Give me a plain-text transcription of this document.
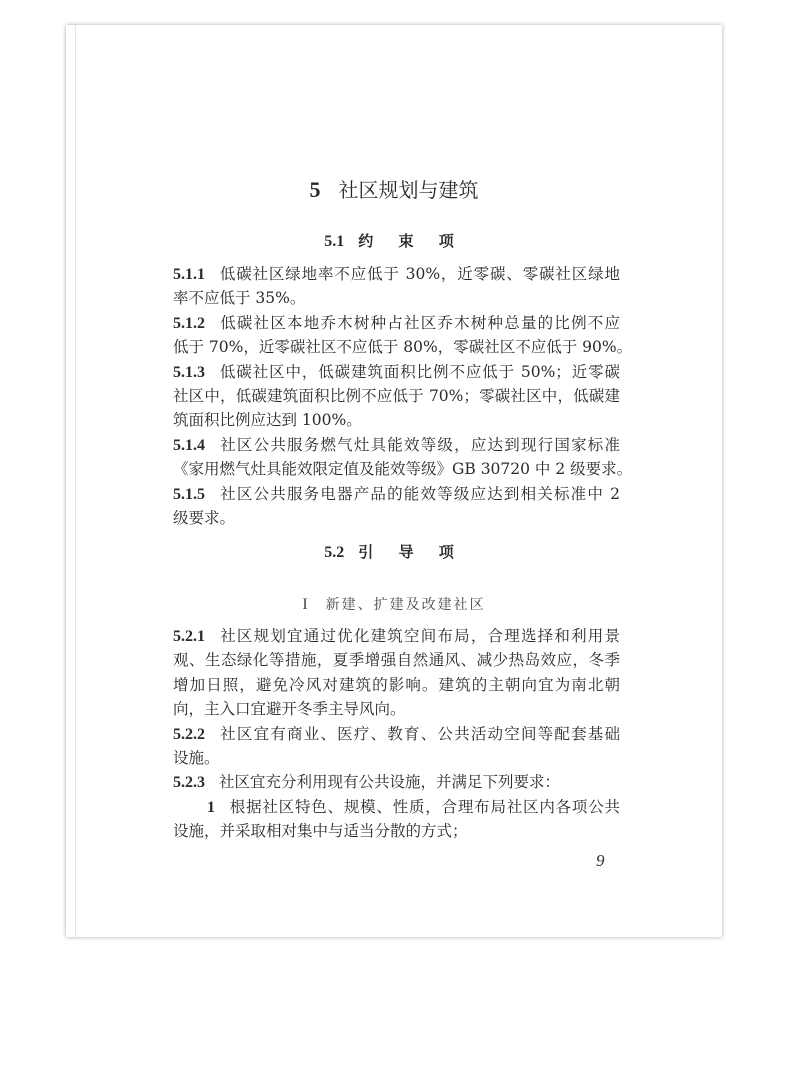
5 社区规划与建筑
5.1 约 束 项
5.1.1 低碳社区绿地率不应低于 30%，近零碳、零碳社区绿地
率不应低于 35%。
5.1.2 低碳社区本地乔木树种占社区乔木树种总量的比例不应
低于 70%，近零碳社区不应低于 80%，零碳社区不应低于 90%。
5.1.3 低碳社区中，低碳建筑面积比例不应低于 50%；近零碳
社区中，低碳建筑面积比例不应低于 70%；零碳社区中，低碳建
筑面积比例应达到 100%。
5.1.4 社区公共服务燃气灶具能效等级，应达到现行国家标准
《家用燃气灶具能效限定值及能效等级》GB 30720 中 2 级要求。
5.1.5 社区公共服务电器产品的能效等级应达到相关标准中 2
级要求。
5.2 引 导 项
I 新建、扩建及改建社区
5.2.1 社区规划宜通过优化建筑空间布局，合理选择和利用景
观、生态绿化等措施，夏季增强自然通风、减少热岛效应，冬季
增加日照，避免冷风对建筑的影响。建筑的主朝向宜为南北朝
向，主入口宜避开冬季主导风向。
5.2.2 社区宜有商业、医疗、教育、公共活动空间等配套基础
设施。
5.2.3 社区宜充分利用现有公共设施，并满足下列要求：
1 根据社区特色、规模、性质，合理布局社区内各项公共
设施，并采取相对集中与适当分散的方式；
9
